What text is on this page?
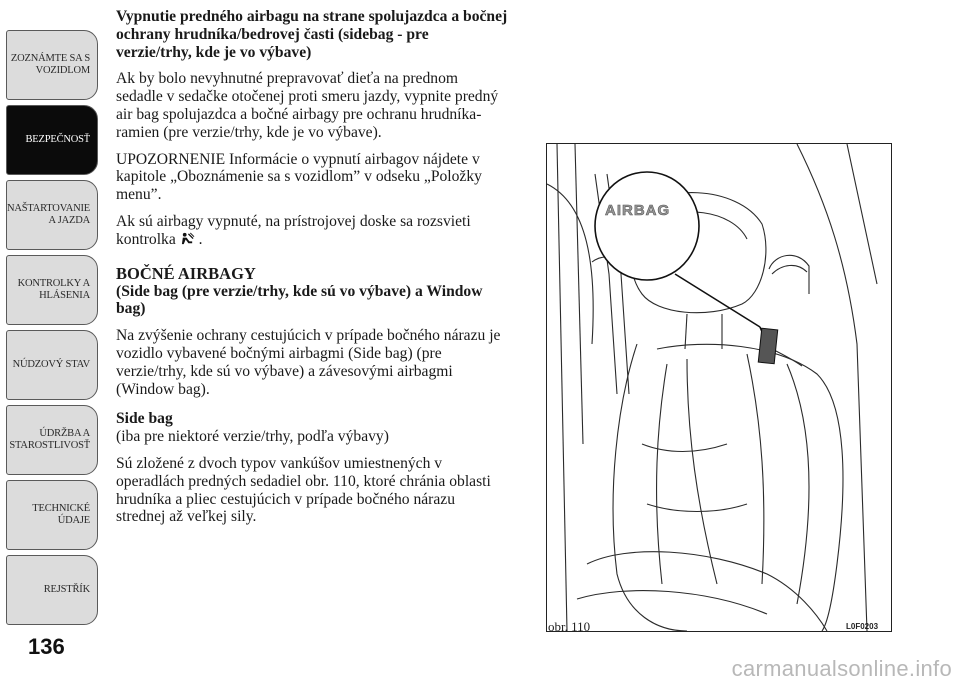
ZOZNÁMTE SA S
VOZIDLOM
BEZPEČNOSŤ
NAŠTARTOVANIE
A JAZDA
KONTROLKY A
HLÁSENIA
NÚDZOVÝ STAV
ÚDRŽBA A
STAROSTLIVOSŤ
TECHNICKÉ
ÚDAJE
REJSTŘÍK
136

Vypnutie predného airbagu na strane spolujazdca a bočnej ochrany hrudníka/bedrovej časti (sidebag - pre verzie/trhy, kde je vo výbave)

Ak by bolo nevyhnutné prepravovať dieťa na prednom sedadle v sedačke otočenej proti smeru jazdy, vypnite predný air bag spolujazdca a bočné airbagy pre ochranu hrudníka-ramien (pre verzie/trhy, kde je vo výbave).

UPOZORNENIE Informácie o vypnutí airbagov nájdete v kapitole „Oboznámenie sa s vozidlom” v odseku „Položky menu”.

Ak sú airbagy vypnuté, na prístrojovej doske sa rozsvieti kontrolka .

BOČNÉ AIRBAGY

(Side bag (pre verzie/trhy, kde sú vo výbave) a Window bag)

Na zvýšenie ochrany cestujúcich v prípade bočného nárazu je vozidlo vybavené bočnými airbagmi (Side bag) (pre verzie/trhy, kde sú vo výbave) a závesovými airbagmi (Window bag).

Side bag

(iba pre niektoré verzie/trhy, podľa výbavy)

Sú zložené z dvoch typov vankúšov umiestnených v operadlách predných sedadiel obr. 110, ktoré chránia oblasti hrudníka a pliec cestujúcich v prípade bočného nárazu strednej až veľkej sily.

AIRBAG
obr. 110	L0F0203
carmanualsonline.info
